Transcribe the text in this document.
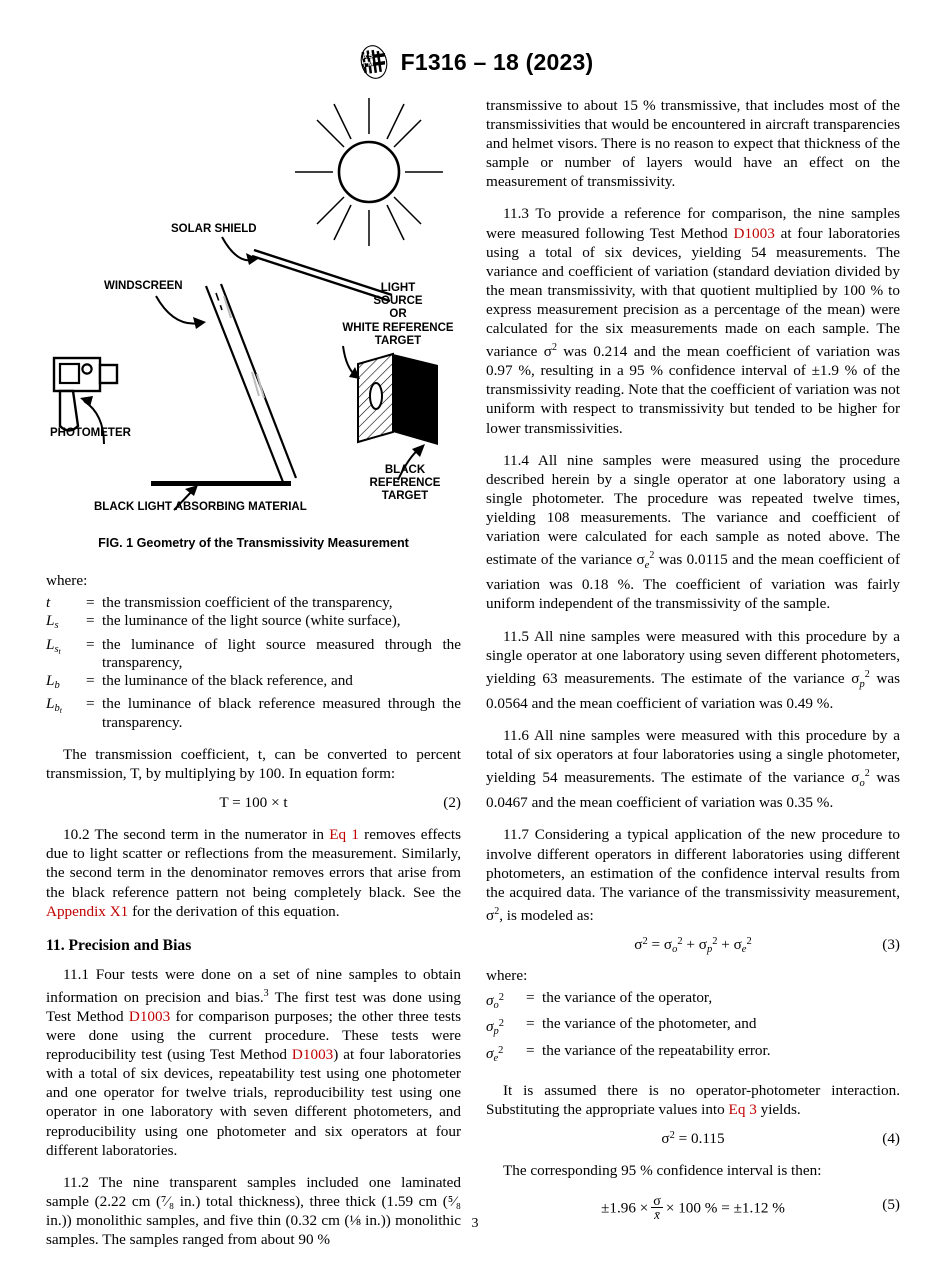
A S
T M F1316 – 18 (2023)
SOLAR SHIELD
WINDSCREEN	LIGHT
SOURCE
OR
WHITE REFERENCE
TARGET
PHOTOMETER
BLACK LIGHT ABSORBING MATERIAL
BLACK
REFERENCE
TARGET
FIG. 1 Geometry of the Transmissivity Measurement
where:
t	=	the transmission coefficient of the transparency,
$L_s$	=	the luminance of the light source (white surface),
$L_{st}$	=	the luminance of light source measured through the transparency,
$L_b$	=	the luminance of the black reference, and
$L_{bt}$	=	the luminance of black reference measured through the transparency.

The transmission coefficient, t, can be converted to percent transmission, T, by multiplying by 100. In equation form:

T = 100 × t	(2)

10.2 The second term in the numerator in Eq 1 removes effects due to light scatter or reflections from the measurement. Similarly, the second term in the denominator removes errors that arise from the black reference pattern not being completely black. See the Appendix X1 for the derivation of this equation.

11. Precision and Bias

11.1 Four tests were done on a set of nine samples to obtain information on precision and bias.$^3$ The first test was done using Test Method D1003 for comparison purposes; the other three tests were done using the current procedure. These tests were reproducibility test (using Test Method D1003) at four laboratories with a total of six devices, repeatability test using one photometer and one operator for twelve trials, reproducibility test using one operator in one laboratory with seven different photometers, and reproducibility using one photometer and six operators at four different laboratories.

11.2 The nine transparent samples included one laminated sample (2.22 cm (⁷⁄₈ in.) total thickness), three thick (1.59 cm (⁵⁄₈ in.)) monolithic samples, and five thin (0.32 cm (⅛ in.)) monolithic samples. The samples ranged from about 90 %

transmissive to about 15 % transmissive, that includes most of the transmissivities that would be encountered in aircraft transparencies and helmet visors. There is no reason to expect that thickness of the sample or number of layers would have an effect on the measurement of transmissivity.

11.3 To provide a reference for comparison, the nine samples were measured following Test Method D1003 at four laboratories using a total of six devices, yielding 54 measurements. The variance and coefficient of variation (standard deviation divided by the mean transmissivity, with that quotient multiplied by 100 % to express measurement precision as a percentage of the mean) were calculated for the six measurements made on each sample. The variance σ$^2$ was 0.214 and the mean coefficient of variation was 0.97 %, resulting in a 95 % confidence interval of ±1.9 % of the transmissivity reading. Note that the coefficient of variation was not uniform with respect to transmissivity but tended to be higher for lower transmissivities.

11.4 All nine samples were measured using the procedure described herein by a single operator at one laboratory using a single photometer. The procedure was repeated twelve times, yielding 108 measurements. The variance and coefficient of variation were calculated for each sample as noted above. The estimate of the variance $\sigma_e^2$ was 0.0115 and the mean coefficient of variation was 0.18 %. The coefficient of variation was fairly uniform independent of the transmissivity of the sample.

11.5 All nine samples were measured with this procedure by a single operator at one laboratory using seven different photometers, yielding 63 measurements. The estimate of the variance $\sigma_p^2$ was 0.0564 and the mean coefficient of variation was 0.49 %.

11.6 All nine samples were measured with this procedure by a total of six operators at four laboratories using a single photometer, yielding 54 measurements. The estimate of the variance $\sigma_o^2$ was 0.0467 and the mean coefficient of variation was 0.35 %.

11.7 Considering a typical application of the new procedure to involve different operators in different laboratories using different photometers, an estimation of the confidence interval results from the acquired data. The variance of the transmissivity measurement, σ$^2$, is modeled as:

$\sigma^2 = \sigma_o^2 + \sigma_p^2 + \sigma_e^2$	(3)
where:
$\sigma_o^2$	=	the variance of the operator,
$\sigma_p^2$	=	the variance of the photometer, and
$\sigma_e^2$	=	the variance of the repeatability error.

It is assumed there is no operator-photometer interaction. Substituting the appropriate values into Eq 3 yields.

$\sigma^2 = 0.115$	(4)

The corresponding 95 % confidence interval is then:

$\pm 1.96 \times \frac{\sigma}{x̄} \times 100$ % = ±1.12 %	(5)
3
